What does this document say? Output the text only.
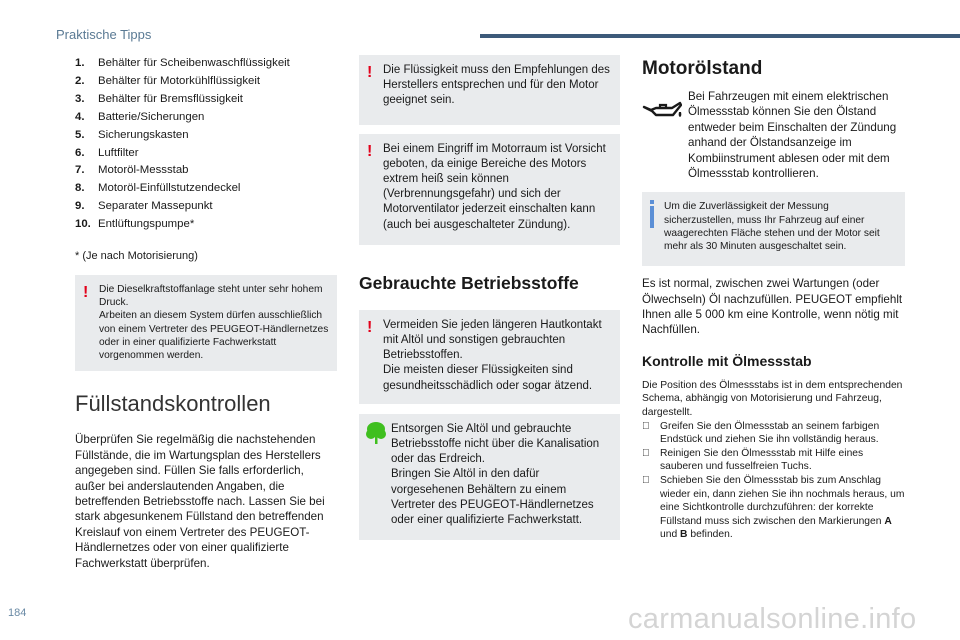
Praktische Tipps
1. Behälter für Scheibenwaschflüssigkeit
2. Behälter für Motorkühlflüssigkeit
3. Behälter für Bremsflüssigkeit
4. Batterie/Sicherungen
5. Sicherungskasten
6. Luftfilter
7. Motoröl-Messstab
8. Motoröl-Einfüllstutzendeckel
9. Separater Massepunkt
10. Entlüftungspumpe*
* (Je nach Motorisierung)
! Die Dieselkraftstoffanlage steht unter sehr hohem Druck.
Arbeiten an diesem System dürfen ausschließlich von einem Vertreter des PEUGEOT-Händlernetzes oder in einer qualifizierte Fachwerkstatt vorgenommen werden.
Füllstandskontrollen
Überprüfen Sie regelmäßig die nachstehenden Füllstände, die im Wartungsplan des Herstellers angegeben sind. Füllen Sie falls erforderlich, außer bei anderslautenden Angaben, die betreffenden Betriebsstoffe nach. Lassen Sie bei stark abgesunkenem Füllstand den betreffenden Kreislauf von einem Vertreter des PEUGEOT-Händlernetzes oder von einer qualifizierte Fachwerkstatt überprüfen.
! Die Flüssigkeit muss den Empfehlungen des Herstellers entsprechen und für den Motor geeignet sein.
! Bei einem Eingriff im Motorraum ist Vorsicht geboten, da einige Bereiche des Motors extrem heiß sein können (Verbrennungsgefahr) und sich der Motorventilator jederzeit einschalten kann (auch bei ausgeschalteter Zündung).
Gebrauchte Betriebsstoffe
! Vermeiden Sie jeden längeren Hautkontakt mit Altöl und sonstigen gebrauchten Betriebsstoffen.
Die meisten dieser Flüssigkeiten sind gesundheitsschädlich oder sogar ätzend.
Entsorgen Sie Altöl und gebrauchte Betriebsstoffe nicht über die Kanalisation oder das Erdreich.
Bringen Sie Altöl in den dafür vorgesehenen Behältern zu einem Vertreter des PEUGEOT-Händlernetzes oder einer qualifizierte Fachwerkstatt.
Motorölstand
Bei Fahrzeugen mit einem elektrischen Ölmessstab können Sie den Ölstand entweder beim Einschalten der Zündung anhand der Ölstandsanzeige im Kombiinstrument ablesen oder mit dem Ölmessstab kontrollieren.
Um die Zuverlässigkeit der Messung sicherzustellen, muss Ihr Fahrzeug auf einer waagerechten Fläche stehen und der Motor seit mehr als 30 Minuten ausgeschaltet sein.
Es ist normal, zwischen zwei Wartungen (oder Ölwechseln) Öl nachzufüllen. PEUGEOT empfiehlt Ihnen alle 5 000 km eine Kontrolle, wenn nötig mit Nachfüllen.
Kontrolle mit Ölmessstab
Die Position des Ölmessstabs ist in dem entsprechenden Schema, abhängig von Motorisierung und Fahrzeug, dargestellt.
Greifen Sie den Ölmessstab an seinem farbigen Endstück und ziehen Sie ihn vollständig heraus.
Reinigen Sie den Ölmessstab mit Hilfe eines sauberen und fusselfreien Tuchs.
Schieben Sie den Ölmessstab bis zum Anschlag wieder ein, dann ziehen Sie ihn nochmals heraus, um eine Sichtkontrolle durchzuführen: der korrekte Füllstand muss sich zwischen den Markierungen A und B befinden.
184	carmanualsonline.info
